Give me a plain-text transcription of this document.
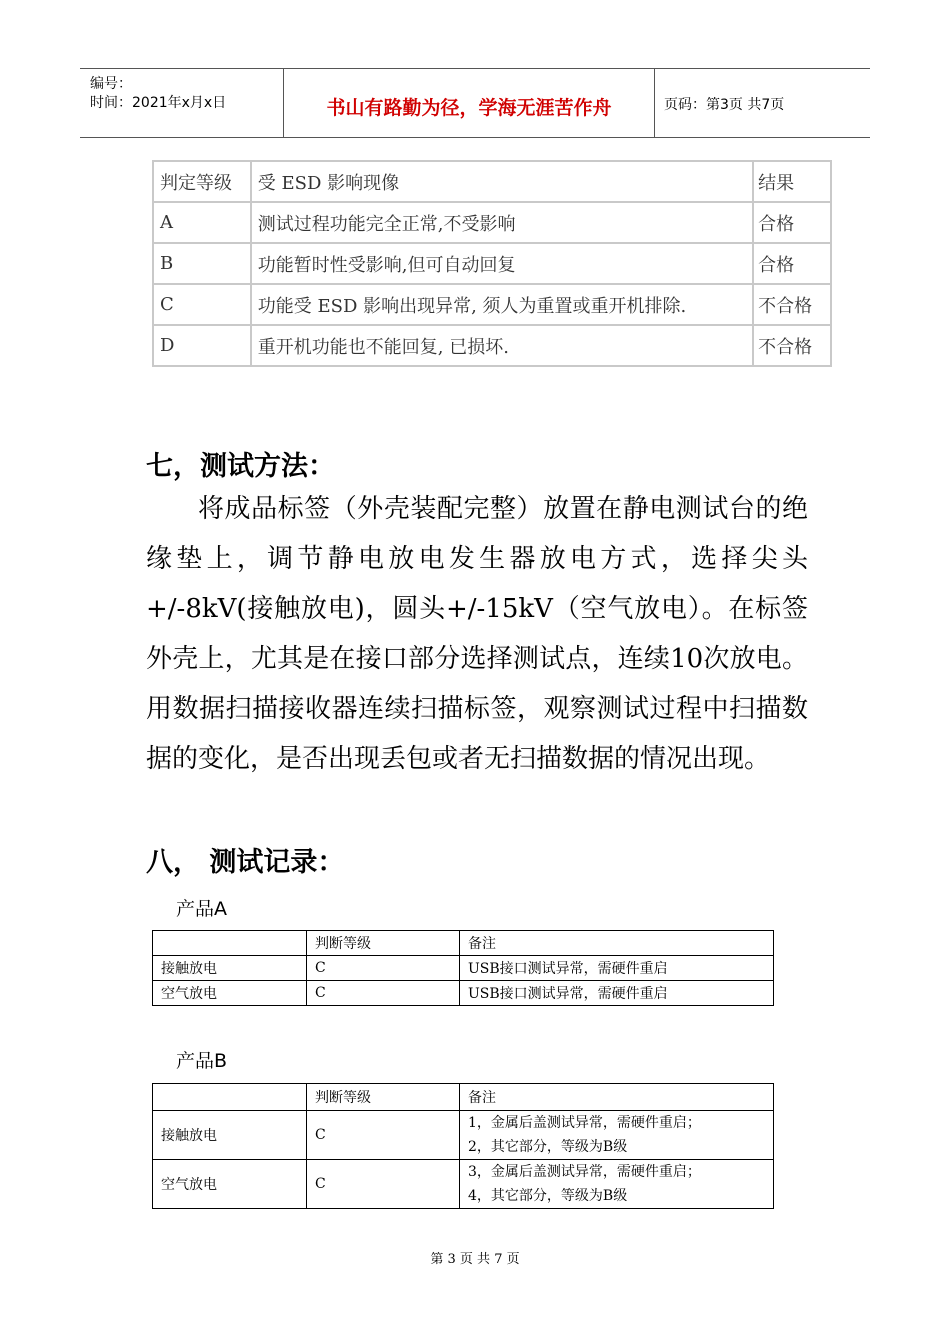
编号：
时间：2021年x月x日	书山有路勤为径，学海无涯苦作舟	页码：第3页 共7页
判定等级	受 ESD 影响现像	结果
A	测试过程功能完全正常,不受影响	合格
B	功能暂时性受影响,但可自动回复	合格
C	功能受 ESD 影响出现异常, 须人为重置或重开机排除.	不合格
D	重开机功能也不能回复, 已损坏.	不合格
七，测试方法：
将成品标签（外壳装配完整）放置在静电测试台的绝缘垫上，调节静电放电发生器放电方式，选择尖头+/-8kV(接触放电)，圆头+/-15kV（空气放电）。在标签外壳上，尤其是在接口部分选择测试点，连续10次放电。用数据扫描接收器连续扫描标签，观察测试过程中扫描数据的变化，是否出现丢包或者无扫描数据的情况出现。
八， 测试记录：
产品A
	判断等级	备注
接触放电	C	USB接口测试异常，需硬件重启
空气放电	C	USB接口测试异常，需硬件重启
产品B
	判断等级	备注
接触放电	C	1，金属后盖测试异常，需硬件重启；
2，其它部分，等级为B级

空气放电	C	3，金属后盖测试异常，需硬件重启；
4，其它部分，等级为B级
第 3 页 共 7 页
